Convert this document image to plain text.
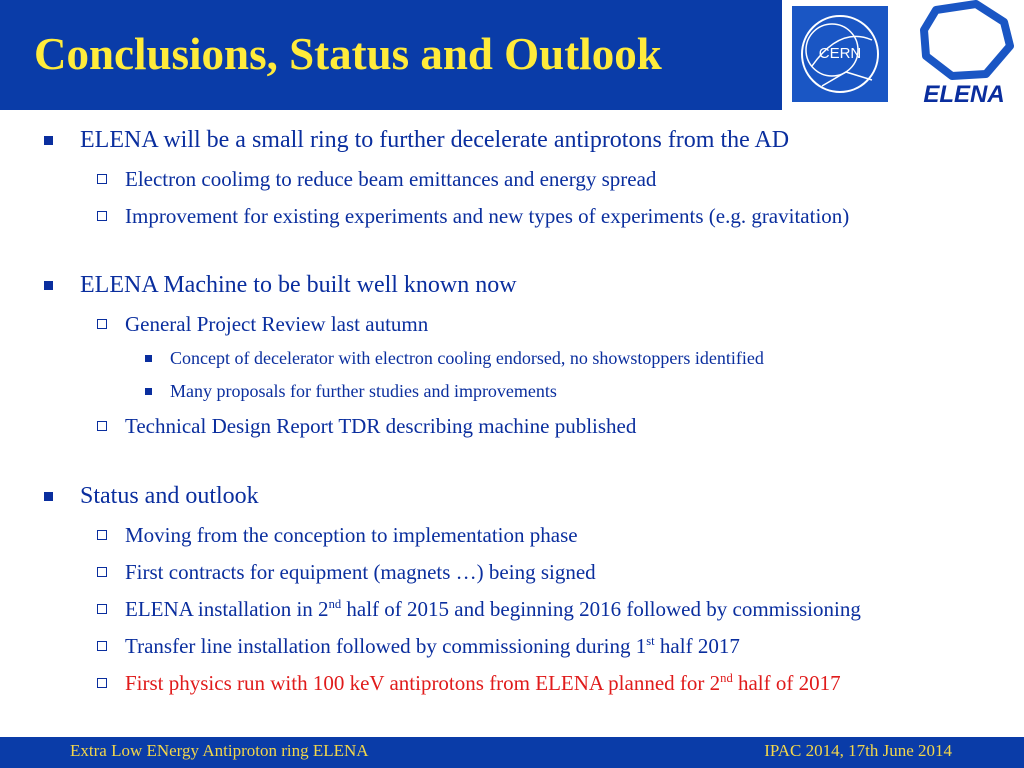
Conclusions, Status and Outlook	CERN
ELENA
ELENA will be a small ring to further decelerate antiprotons from the AD
Electron coolimg to reduce beam emittances and energy spread
Improvement for existing experiments and new types of experiments (e.g. gravitation)
ELENA Machine to be built well known now
General Project Review last autumn
Concept of decelerator with electron cooling endorsed, no showstoppers identified
Many proposals for further studies and improvements
Technical Design Report TDR describing machine published
Status and outlook
Moving from the conception to implementation phase
First contracts for equipment (magnets …) being signed
ELENA installation in 2nd half of 2015 and beginning 2016 followed by commissioning
Transfer line installation followed by commissioning during 1st half 2017
First physics run with 100 keV antiprotons from ELENA planned for 2nd half of 2017
Extra Low ENergy Antiproton ring ELENA	IPAC 2014, 17th June 2014
